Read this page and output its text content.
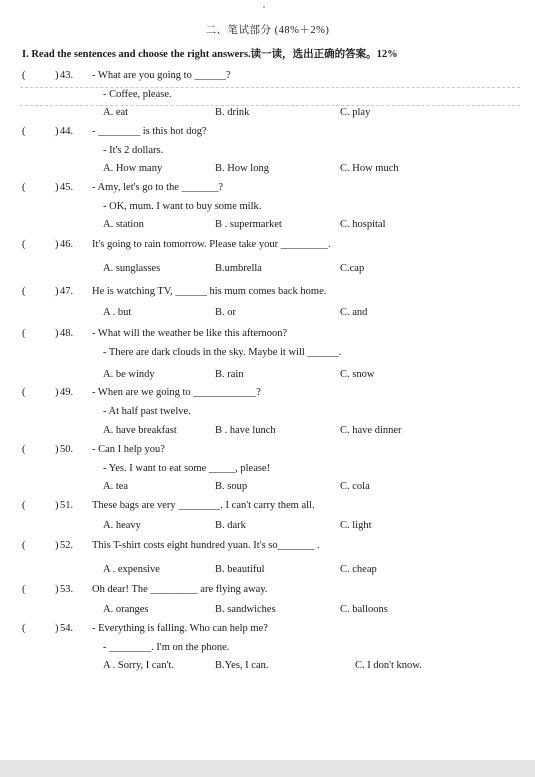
二、笔试部分 (48%＋2%)
I. Read the sentences and choose the right answers.读一读，选出正确的答案。12%
(	) 43. - What are you going to ______?
- Coffee, please.
A. eat	B. drink	C. play
(	) 44. - ________ is this hot dog?
- It's 2 dollars.
A. How many	B. How long	C. How much
(	) 45. - Amy, let's go to the _______?
- OK, mum. I want to buy some milk.
A. station	B . supermarket	C. hospital
(	) 46. It's going to rain tomorrow. Please take your _________.
A. sunglasses	B.umbrella	C.cap
(	) 47. He is watching TV, ______ his mum comes back home.
A . but	B. or	C. and
(	) 48. - What will the weather be like this afternoon?
- There are dark clouds in the sky. Maybe it will ______.
A. be windy	B. rain	C. snow
(	) 49. - When are we going to ____________?
- At half past twelve.
A. have breakfast	B . have lunch	C. have dinner
(	) 50. - Can I help you?
- Yes. I want to eat some _____, please!
A. tea	B. soup	C. cola
(	) 51. These bags are very ________. I can't carry them all.
A. heavy	B. dark	C. light
(	) 52. This T-shirt costs eight hundred yuan. It's so_______ .
A . expensive	B. beautiful	C. cheap
(	) 53. Oh dear! The _________ are flying away.
A. oranges	B. sandwiches	C. balloons
(	) 54. - Everything is falling. Who can help me?
- ________. I'm on the phone.
A . Sorry, I can't.	B.Yes, I can.	C. I don't know.
